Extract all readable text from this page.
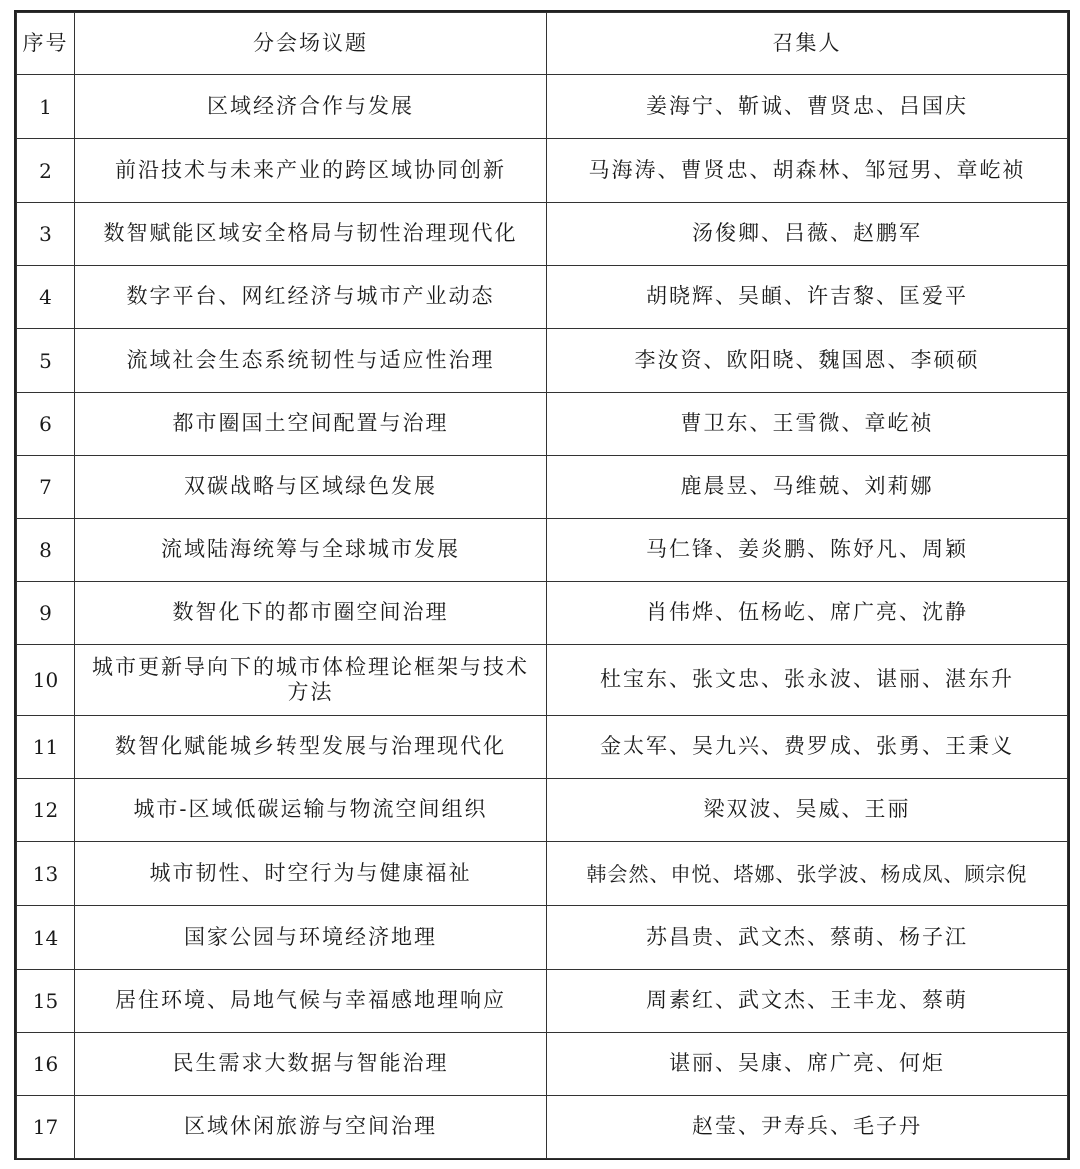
序号	分会场议题	召集人
1	区域经济合作与发展	姜海宁、靳诚、曹贤忠、吕国庆
2	前沿技术与未来产业的跨区域协同创新	马海涛、曹贤忠、胡森林、邹冠男、章屹祯
3	数智赋能区域安全格局与韧性治理现代化	汤俊卿、吕薇、赵鹏军
4	数字平台、网红经济与城市产业动态	胡晓辉、吴頔、许吉黎、匡爱平
5	流域社会生态系统韧性与适应性治理	李汝资、欧阳晓、魏国恩、李硕硕
6	都市圈国土空间配置与治理	曹卫东、王雪微、章屹祯
7	双碳战略与区域绿色发展	鹿晨昱、马维兢、刘莉娜
8	流域陆海统筹与全球城市发展	马仁锋、姜炎鹏、陈妤凡、周颖
9	数智化下的都市圈空间治理	肖伟烨、伍杨屹、席广亮、沈静
10	城市更新导向下的城市体检理论框架与技术方法	杜宝东、张文忠、张永波、谌丽、湛东升
11	数智化赋能城乡转型发展与治理现代化	金太军、吴九兴、费罗成、张勇、王秉义
12	城市-区域低碳运输与物流空间组织	梁双波、吴威、王丽
13	城市韧性、时空行为与健康福祉	韩会然、申悦、塔娜、张学波、杨成凤、顾宗倪
14	国家公园与环境经济地理	苏昌贵、武文杰、蔡萌、杨子江
15	居住环境、局地气候与幸福感地理响应	周素红、武文杰、王丰龙、蔡萌
16	民生需求大数据与智能治理	谌丽、吴康、席广亮、何炬
17	区域休闲旅游与空间治理	赵莹、尹寿兵、毛子丹
